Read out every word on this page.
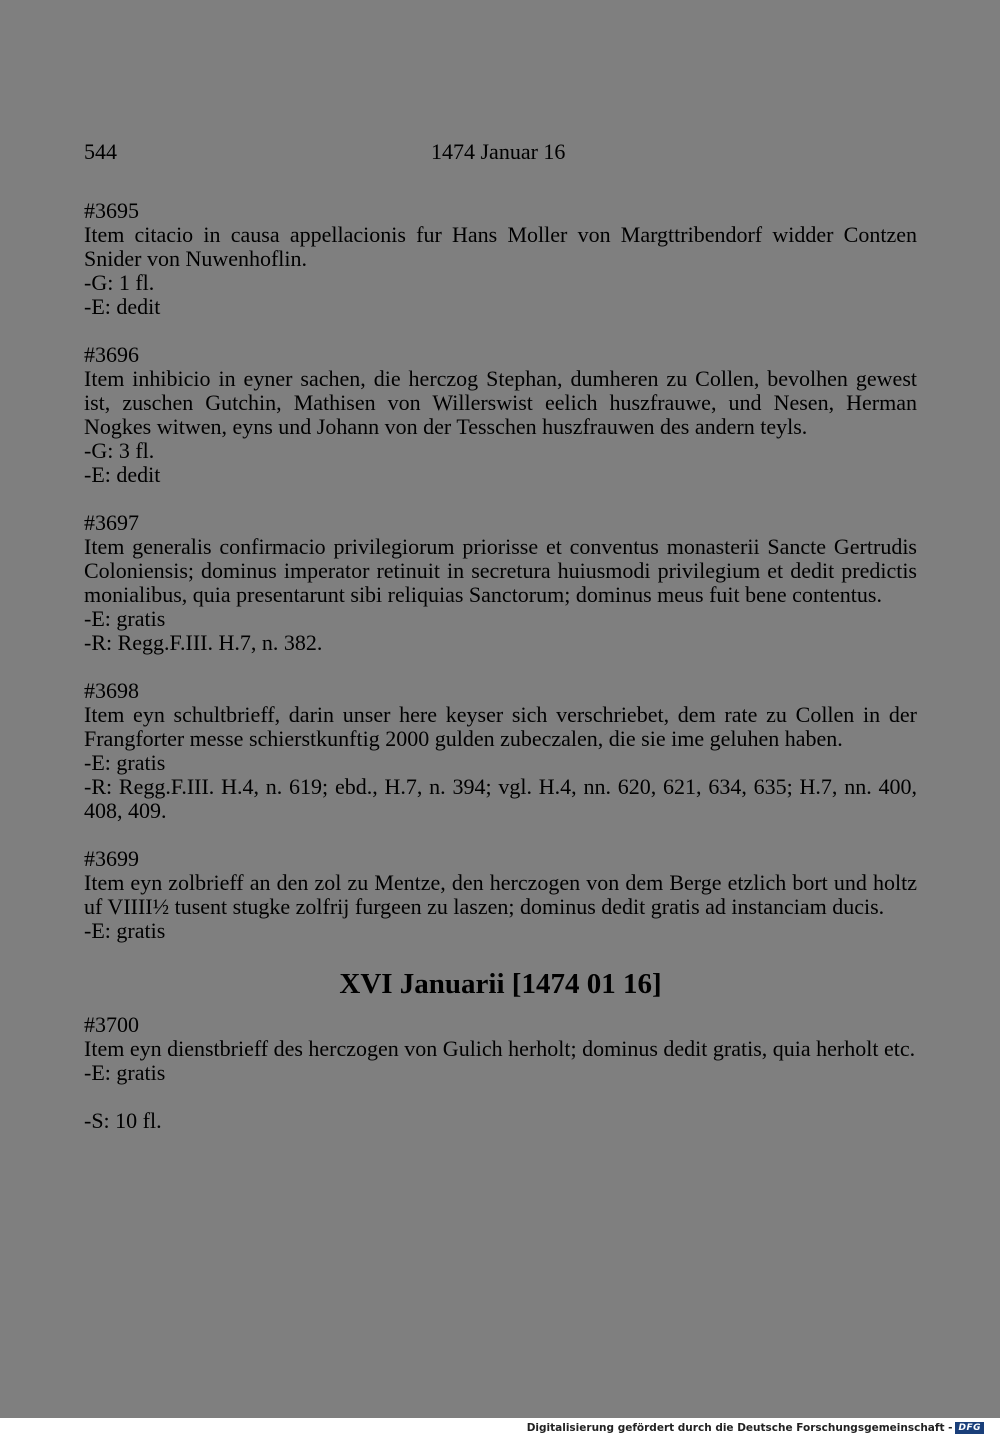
544	1474 Januar 16
#3695
Item citacio in causa appellacionis fur Hans Moller von Margttribendorf widder Contzen Snider von Nuwenhoflin.
-G: 1 fl.
-E: dedit
#3696
Item inhibicio in eyner sachen, die herczog Stephan, dumheren zu Collen, bevolhen gewest ist, zuschen Gutchin, Mathisen von Willerswist eelich huszfrauwe, und Nesen, Herman Nogkes witwen, eyns und Johann von der Tesschen huszfrauwen des andern teyls.
-G: 3 fl.
-E: dedit
#3697
Item generalis confirmacio privilegiorum priorisse et conventus monasterii Sancte Gertrudis Coloniensis; dominus imperator retinuit in secretura huiusmodi privilegium et dedit predictis monialibus, quia presentarunt sibi reliquias Sanctorum; dominus meus fuit bene contentus.
-E: gratis
-R: Regg.F.III. H.7, n. 382.
#3698
Item eyn schultbrieff, darin unser here keyser sich verschriebet, dem rate zu Collen in der Frangforter messe schierstkunftig 2000 gulden zubeczalen, die sie ime geluhen haben.
-E: gratis
-R: Regg.F.III. H.4, n. 619; ebd., H.7, n. 394; vgl. H.4, nn. 620, 621, 634, 635; H.7, nn. 400, 408, 409.
#3699
Item eyn zolbrieff an den zol zu Mentze, den herczogen von dem Berge etzlich bort und holtz uf VIIII½ tusent stugke zolfrij furgeen zu laszen; dominus dedit gratis ad instanciam ducis.
-E: gratis
XVI Januarii [1474 01 16]
#3700
Item eyn dienstbrieff des herczogen von Gulich herholt; dominus dedit gratis, quia herholt etc.
-E: gratis
-S: 10 fl.
Digitalisierung gefördert durch die Deutsche Forschungsgemeinschaft - DFG
